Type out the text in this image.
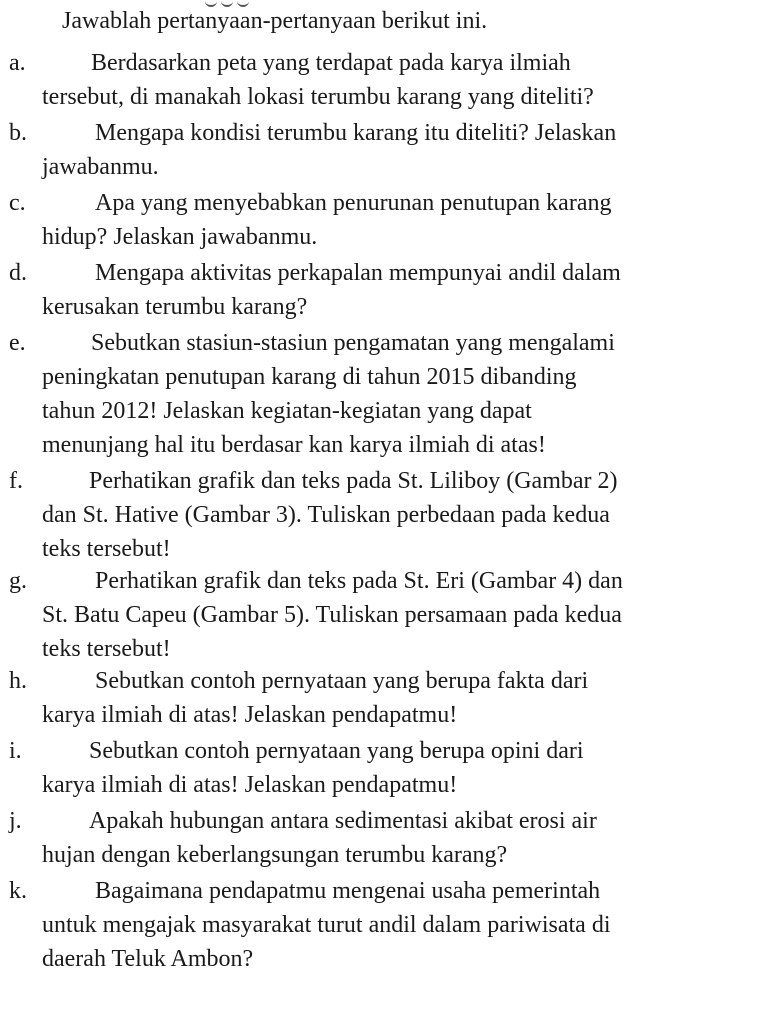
Jawablah pertanyaan-pertanyaan berikut ini.
a.	Berdasarkan peta yang terdapat pada karya ilmiah
tersebut, di manakah lokasi terumbu karang yang diteliti?
b.	Mengapa kondisi terumbu karang itu diteliti? Jelaskan
jawabanmu.
c.	Apa yang menyebabkan penurunan penutupan karang
hidup? Jelaskan jawabanmu.
d.	Mengapa aktivitas perkapalan mempunyai andil dalam
kerusakan terumbu karang?
e.	Sebutkan stasiun-stasiun pengamatan yang mengalami
peningkatan penutupan karang di tahun 2015 dibanding
tahun 2012! Jelaskan kegiatan-kegiatan yang dapat
menunjang hal itu berdasar kan karya ilmiah di atas!
f.	Perhatikan grafik dan teks pada St. Liliboy (Gambar 2)
dan St. Hative (Gambar 3). Tuliskan perbedaan pada kedua
teks tersebut!
g.	Perhatikan grafik dan teks pada St. Eri (Gambar 4) dan
St. Batu Capeu (Gambar 5). Tuliskan persamaan pada kedua
teks tersebut!
h.	Sebutkan contoh pernyataan yang berupa fakta dari
karya ilmiah di atas! Jelaskan pendapatmu!
i.	Sebutkan contoh pernyataan yang berupa opini dari
karya ilmiah di atas! Jelaskan pendapatmu!
j.	Apakah hubungan antara sedimentasi akibat erosi air
hujan dengan keberlangsungan terumbu karang?
k.	Bagaimana pendapatmu mengenai usaha pemerintah
untuk mengajak masyarakat turut andil dalam pariwisata di
daerah Teluk Ambon?
